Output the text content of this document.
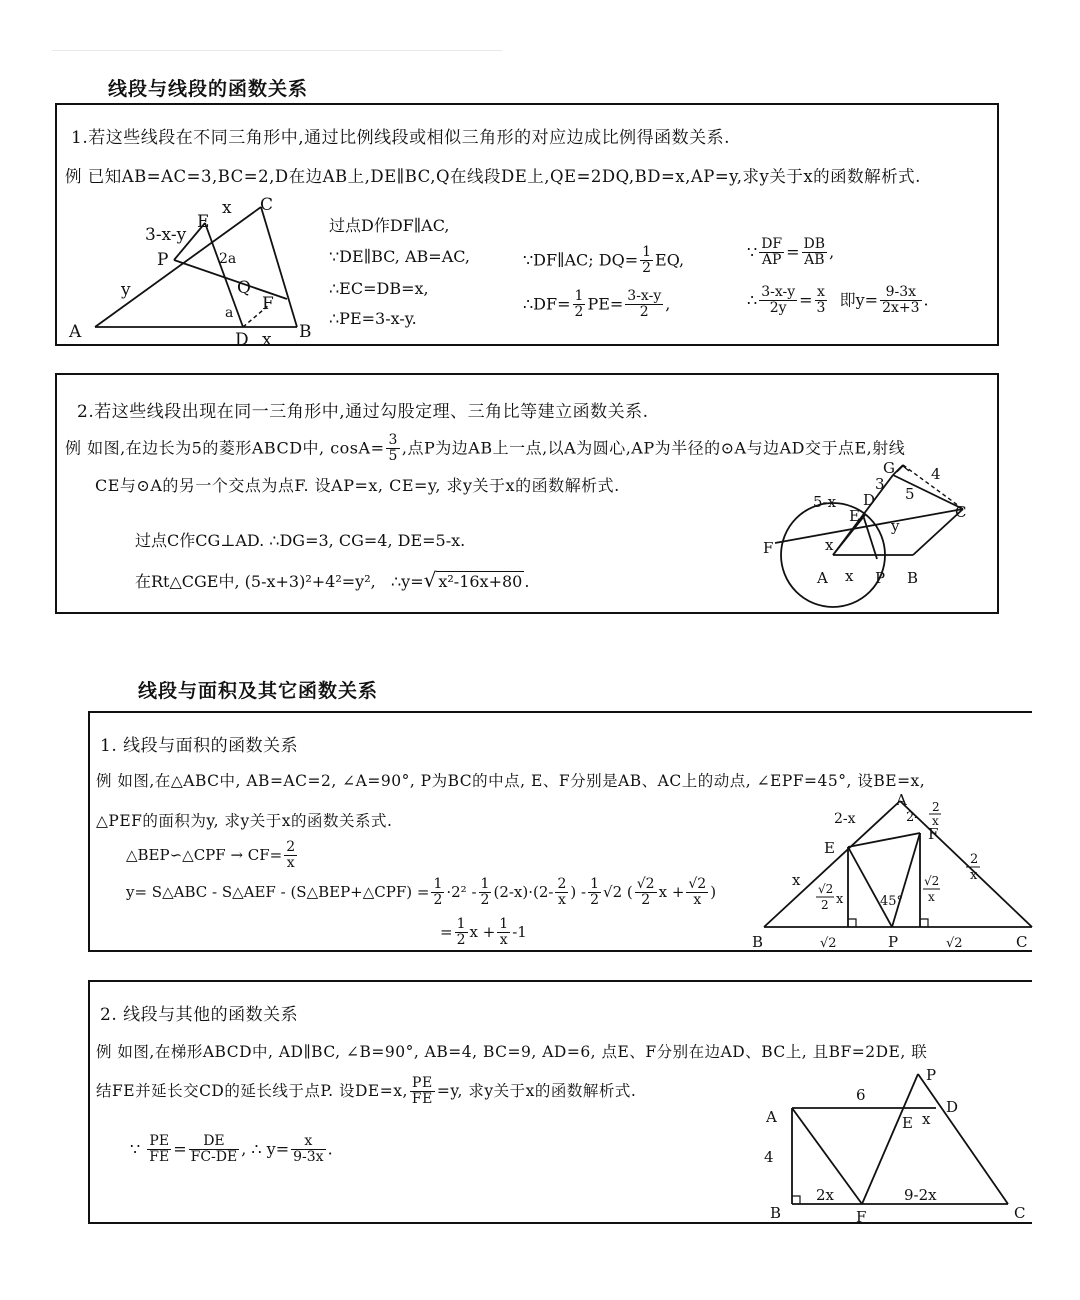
线段与线段的函数关系
1.若这些线段在不同三角形中,通过比例线段或相似三角形的对应边成比例得函数关系.
例 已知AB=AC=3,BC=2,D在边AB上,DE∥BC,Q在线段DE上,QE=2DQ,BD=x,AP=y,求y关于x的函数解析式.
A	B
C
D
E
P
Q
F
x
x
y
3-x-y
2a
a
过点D作DF∥AC,
∵DE∥BC, AB=AC,
∴EC=DB=x,
∴PE=3-x-y.
∵DF∥AC; $DQ= \frac{1}{2}$ EQ,
∴DF= $\frac{1}{2} PE= \frac{3-x-y}{2}$ ,
∵ $\frac{DF}{AP} = \frac{DB}{AB}$ ,
∴ $\frac{3-x-y}{2y} = \frac{x}{3}$ 即$y= \frac{9-3x}{2x+3}$ .
2.若这些线段出现在同一三角形中,通过勾股定理、三角比等建立函数关系.
例 如图,在边长为5的菱形ABCD中, $\cos A= \frac{3}{5}$ ,点P为边AB上一点,以A为圆心,AP为半径的⊙A与边AD交于点E,射线
CE与⊙A的另一个交点为点F. 设AP=x, CE=y, 求y关于x的函数解析式.
过点C作CG⊥AD. ∴DG=3, CG=4, DE=5-x.
在Rt△CGE中, (5-x+3)²+4²=y², ∴y=√ x²-16x+80 .	A	B
C
D
E
F
G
P
3
4
5
5-x
x
x
y
线段与面积及其它函数关系
1. 线段与面积的函数关系
例 如图,在△ABC中, AB=AC=2, ∠A=90°, P为BC的中点, E、F分别是AB、AC上的动点, ∠EPF=45°, 设BE=x,
△PEF的面积为y, 求y关于x的函数关系式.
△BEP∽△CPF → $CF= \frac{2}{x}$
y= S△ABC - S△AEF - (S△BEP+△CPF) = $\frac{1}{2} \cdot 2^2 - \frac{1}{2} (2-x)\cdot(2- \frac{2}{x}$ ) - $\frac{1}{2} √2$ ( $\frac{√2}{2}$ $x + \frac{√2}{x}$ )
= $\frac{1}{2}$ $x + \frac{1}{x} -1$
A
B	C
E
F
P
2-x	2-
2
x
x
2
x
√2
2 x
√2
x
45°
√2	√2
2. 线段与其他的函数关系
例 如图,在梯形ABCD中, AD∥BC, ∠B=90°, AB=4, BC=9, AD=6, 点E、F分别在边AD、BC上, 且BF=2DE, 联
结FE并延长交CD的延长线于点P. 设DE=x, $\frac{PE}{FE} =y$, 求y关于x的函数解析式.
∵ $\frac{PE}{FE} = \frac{DE}{FC-DE}$ , ∴ $y= \frac{x}{9-3x}$ .
A
B	C
D
E
F
P
6
4
2x	9-2x
x
